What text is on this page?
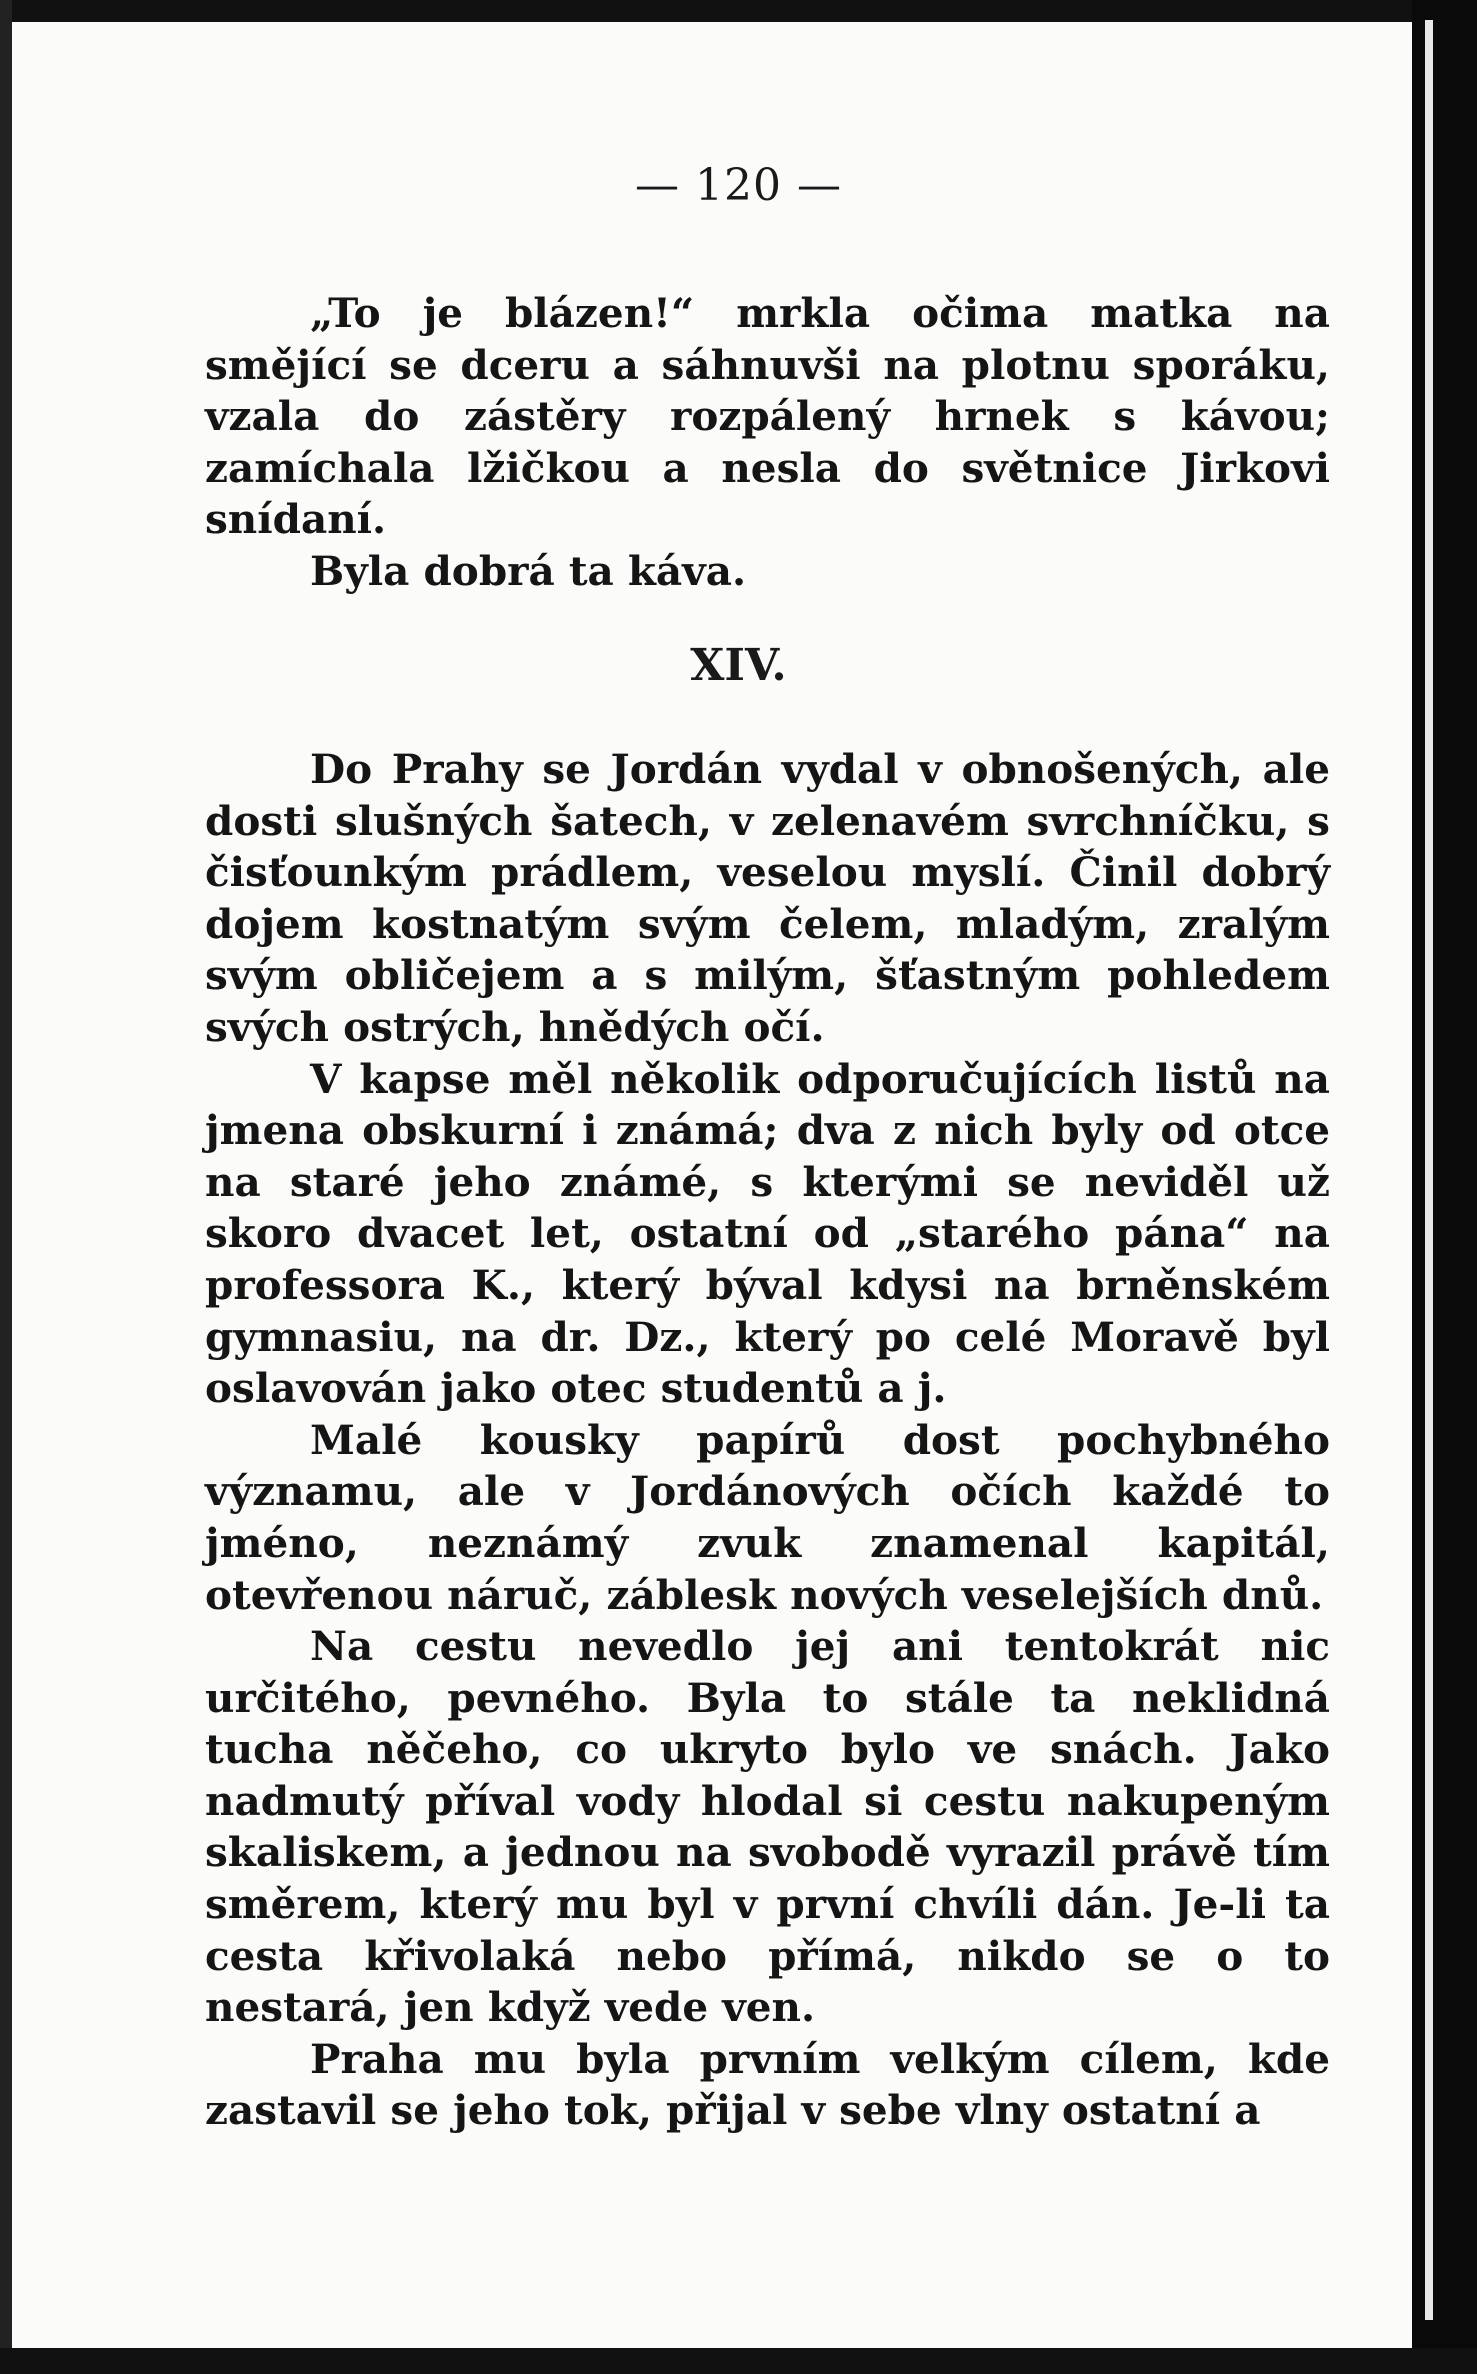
— 120 —

„To je blázen!“ mrkla očima matka na smějící se dceru a sáhnuvši na plotnu sporáku, vzala do zástěry rozpálený hrnek s kávou; zamíchala lžičkou a nesla do světnice Jirkovi snídaní.

Byla dobrá ta káva.

XIV.

Do Prahy se Jordán vydal v obnošených, ale dosti slušných šatech, v zelenavém svrchníčku, s čisťounkým prádlem, veselou myslí. Činil dobrý dojem kostnatým svým čelem, mladým, zralým svým obličejem a s milým, šťastným pohledem svých ostrých, hnědých očí.

V kapse měl několik odporučujících listů na jmena obskurní i známá; dva z nich byly od otce na staré jeho známé, s kterými se neviděl už skoro dvacet let, ostatní od „starého pána“ na professora K., který býval kdysi na brněnském gymnasiu, na dr. Dz., který po celé Moravě byl oslavován jako otec studentů a j.

Malé kousky papírů dost pochybného významu, ale v Jordánových očích každé to jméno, neznámý zvuk znamenal kapitál, otevřenou náruč, záblesk nových veselejších dnů.

Na cestu nevedlo jej ani tentokrát nic určitého, pevného. Byla to stále ta neklidná tucha něčeho, co ukryto bylo ve snách. Jako nadmutý příval vody hlodal si cestu nakupeným skaliskem, a jednou na svobodě vyrazil právě tím směrem, který mu byl v první chvíli dán. Je-li ta cesta křivolaká nebo přímá, nikdo se o to nestará, jen když vede ven.

Praha mu byla prvním velkým cílem, kde zastavil se jeho tok, přijal v sebe vlny ostatní a
